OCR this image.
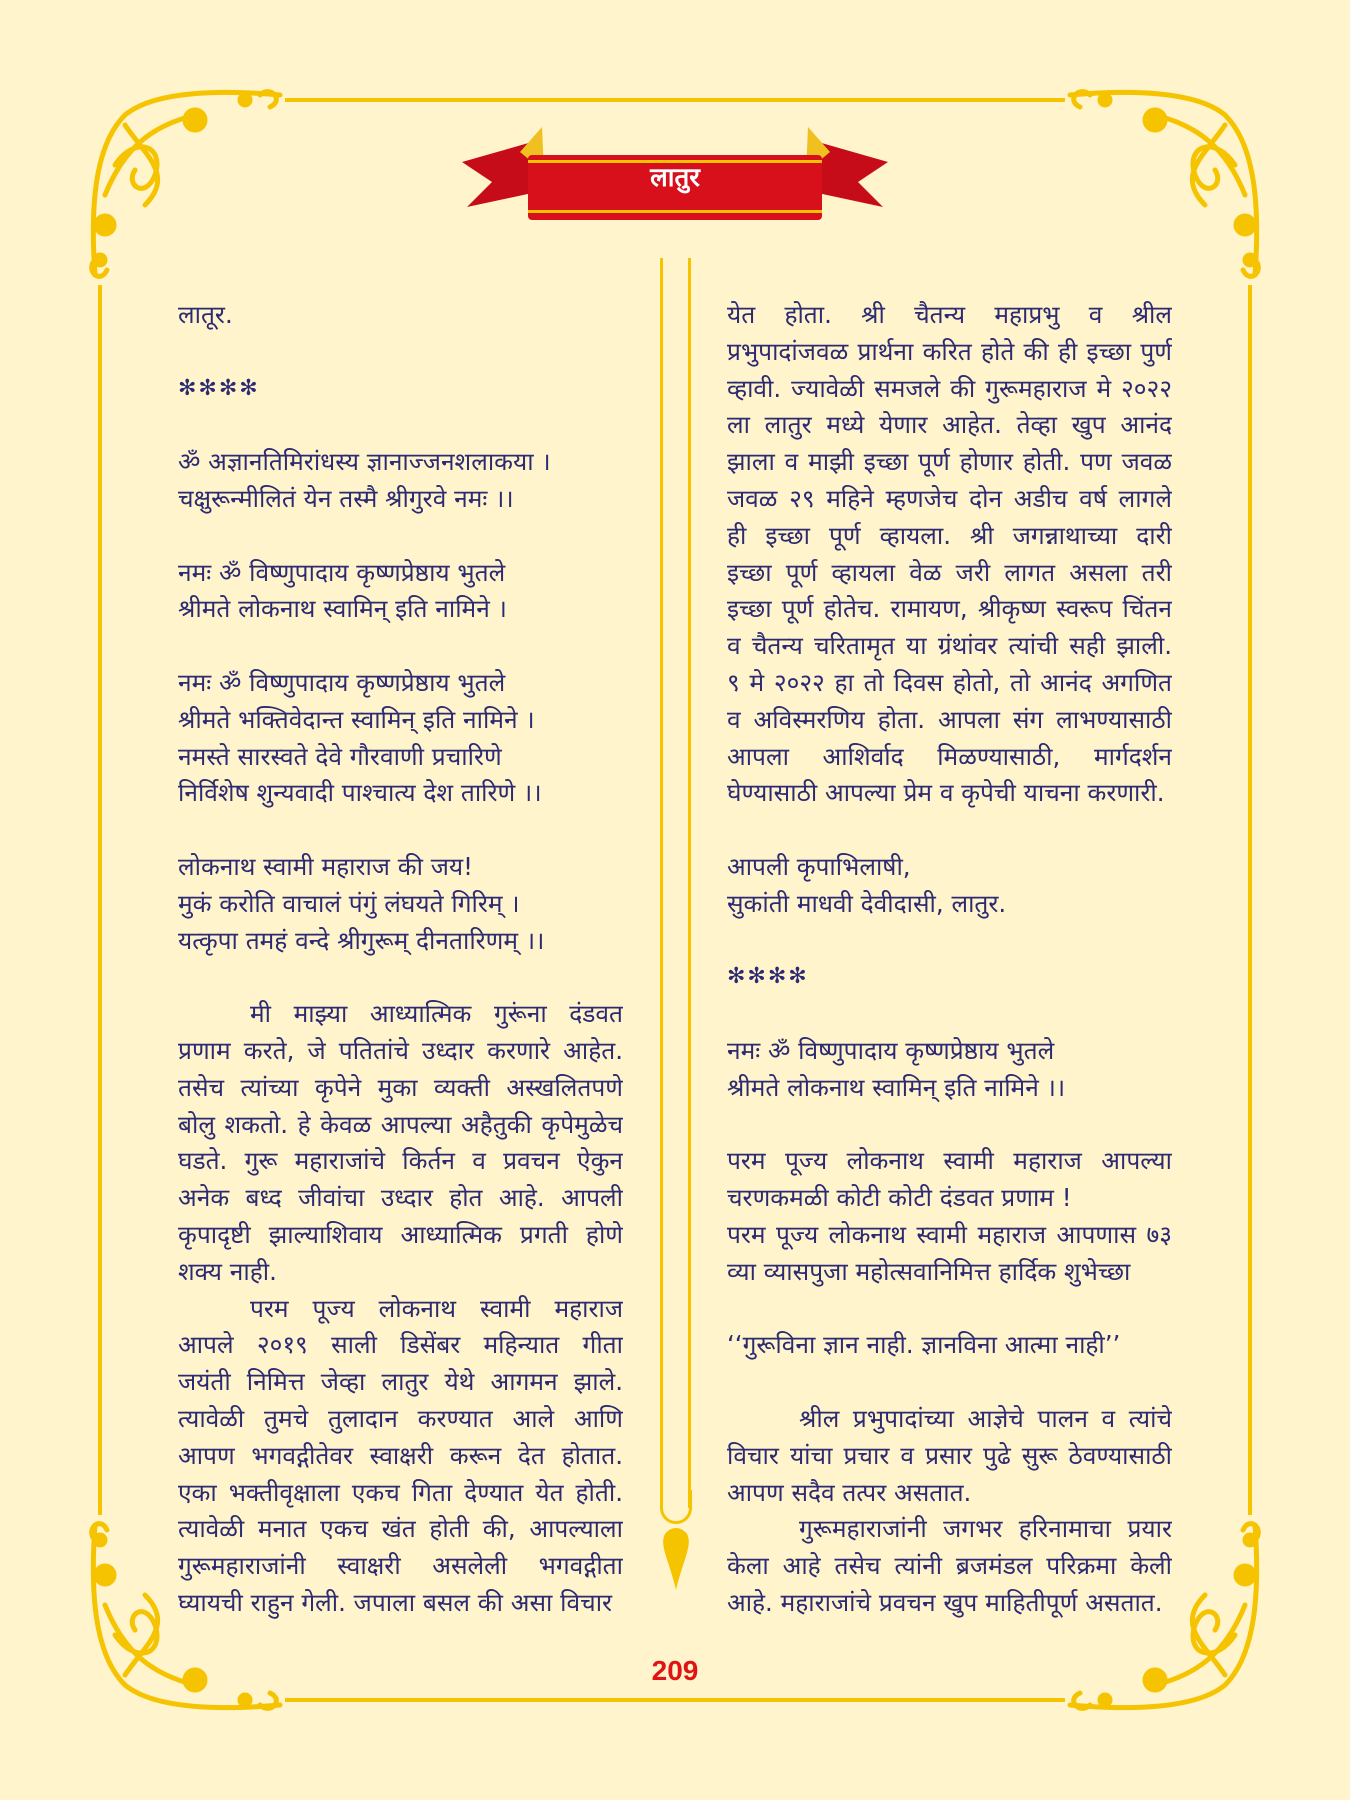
लातुर
लातूर.
✻✻✻✻
ॐ अज्ञानतिमिरांधस्य ज्ञानाज्जनशलाकया ।
चक्षुरून्मीलितं येन तस्मै श्रीगुरवे नमः ।।
नमः ॐ विष्णुपादाय कृष्णप्रेष्ठाय भुतले
श्रीमते लोकनाथ स्वामिन् इति नामिने ।
नमः ॐ विष्णुपादाय कृष्णप्रेष्ठाय भुतले
श्रीमते भक्तिवेदान्त स्वामिन् इति नामिने ।
नमस्ते सारस्वते देवे गौरवाणी प्रचारिणे
निर्विशेष शुन्यवादी पाश्चात्य देश तारिणे ।।
लोकनाथ स्वामी महाराज की जय!
मुकं करोति वाचालं पंगुं लंघयते गिरिम् ।
यत्कृपा तमहं वन्दे श्रीगुरूम् दीनतारिणम् ।।
मी माझ्या आध्यात्मिक गुरूंना दंडवत
प्रणाम करते, जे पतितांचे उध्दार करणारे आहेत.
तसेच त्यांच्या कृपेने मुका व्यक्ती अस्खलितपणे
बोलु शकतो. हे केवळ आपल्या अहैतुकी कृपेमुळेच
घडते. गुरू महाराजांचे किर्तन व प्रवचन ऐकुन
अनेक बध्द जीवांचा उध्दार होत आहे. आपली
कृपादृष्टी झाल्याशिवाय आध्यात्मिक प्रगती होणे
शक्य नाही.
परम पूज्य लोकनाथ स्वामी महाराज
आपले २०१९ साली डिसेंबर महिन्यात गीता
जयंती निमित्त जेव्हा लातुर येथे आगमन झाले.
त्यावेळी तुमचे तुलादान करण्यात आले आणि
आपण भगवद्गीतेवर स्वाक्षरी करून देत होतात.
एका भक्तीवृक्षाला एकच गिता देण्यात येत होती.
त्यावेळी मनात एकच खंत होती की, आपल्याला
गुरूमहाराजांनी स्वाक्षरी असलेली भगवद्गीता
घ्यायची राहुन गेली. जपाला बसल की असा विचार
येत होता. श्री चैतन्य महाप्रभु व श्रील
प्रभुपादांजवळ प्रार्थना करित होते की ही इच्छा पुर्ण
व्हावी. ज्यावेळी समजले की गुरूमहाराज मे २०२२
ला लातुर मध्ये येणार आहेत. तेव्हा खुप आनंद
झाला व माझी इच्छा पूर्ण होणार होती. पण जवळ
जवळ २९ महिने म्हणजेच दोन अडीच वर्ष लागले
ही इच्छा पूर्ण व्हायला. श्री जगन्नाथाच्या दारी
इच्छा पूर्ण व्हायला वेळ जरी लागत असला तरी
इच्छा पूर्ण होतेच. रामायण, श्रीकृष्ण स्वरूप चिंतन
व चैतन्य चरितामृत या ग्रंथांवर त्यांची सही झाली.
९ मे २०२२ हा तो दिवस होतो, तो आनंद अगणित
व अविस्मरणिय होता. आपला संग लाभण्यासाठी
आपला आशिर्वाद मिळण्यासाठी, मार्गदर्शन
घेण्यासाठी आपल्या प्रेम व कृपेची याचना करणारी.
आपली कृपाभिलाषी,
सुकांती माधवी देवीदासी, लातुर.
✻✻✻✻
नमः ॐ विष्णुपादाय कृष्णप्रेष्ठाय भुतले
श्रीमते लोकनाथ स्वामिन् इति नामिने ।।
परम पूज्य लोकनाथ स्वामी महाराज आपल्या
चरणकमळी कोटी कोटी दंडवत प्रणाम !
परम पूज्य लोकनाथ स्वामी महाराज आपणास ७३
व्या व्यासपुजा महोत्सवानिमित्त हार्दिक शुभेच्छा
‘‘गुरूविना ज्ञान नाही. ज्ञानविना आत्मा नाही’’
श्रील प्रभुपादांच्या आज्ञेचे पालन व त्यांचे
विचार यांचा प्रचार व प्रसार पुढे सुरू ठेवण्यासाठी
आपण सदैव तत्पर असतात.
गुरूमहाराजांनी जगभर हरिनामाचा प्रयार
केला आहे तसेच त्यांनी ब्रजमंडल परिक्रमा केली
आहे. महाराजांचे प्रवचन खुप माहितीपूर्ण असतात.
209
